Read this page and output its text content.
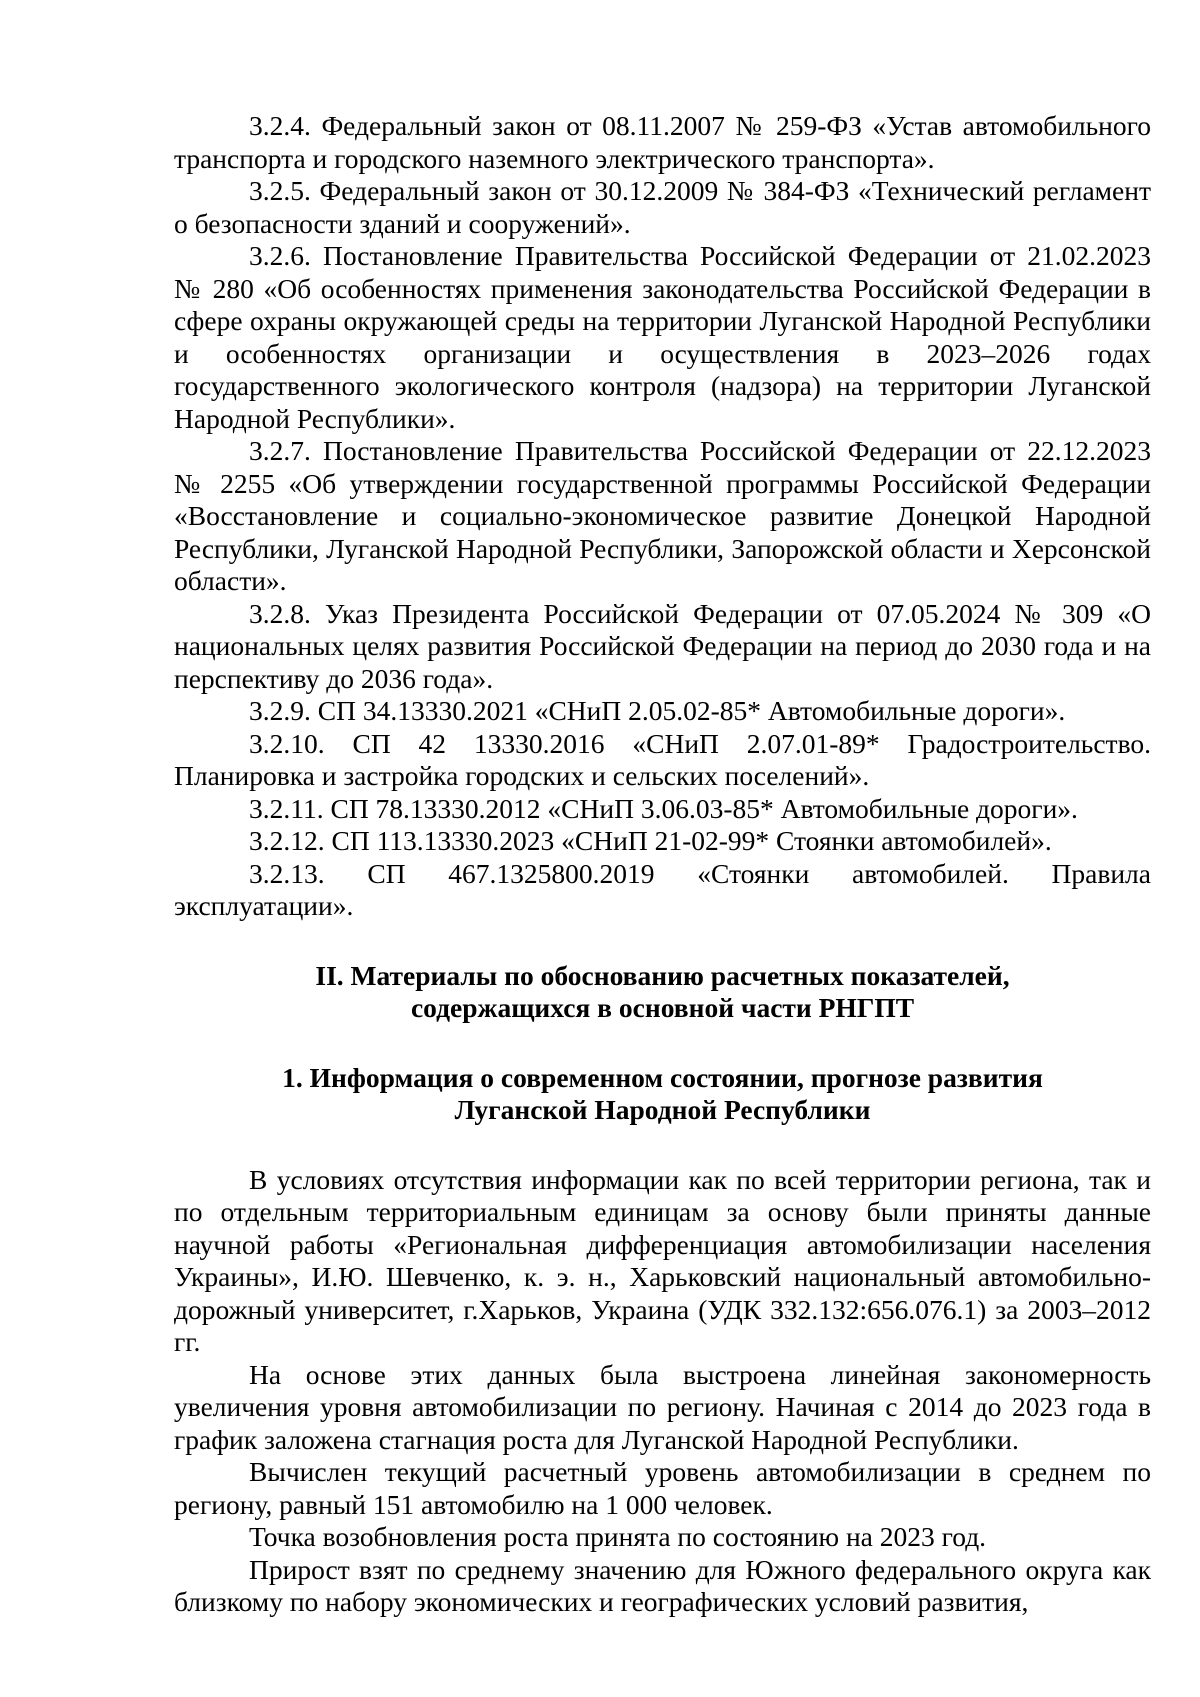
3.2.4. Федеральный закон от 08.11.2007 № 259-ФЗ «Устав автомобильного транспорта и городского наземного электрического транспорта».

3.2.5. Федеральный закон от 30.12.2009 № 384-ФЗ «Технический регламент о безопасности зданий и сооружений».

3.2.6. Постановление Правительства Российской Федерации от 21.02.2023 № 280 «Об особенностях применения законодательства Российской Федерации в сфере охраны окружающей среды на территории Луганской Народной Республики и особенностях организации и осуществления в 2023–2026 годах государственного экологического контроля (надзора) на территории Луганской Народной Республики».

3.2.7. Постановление Правительства Российской Федерации от 22.12.2023 № 2255 «Об утверждении государственной программы Российской Федерации «Восстановление и социально-экономическое развитие Донецкой Народной Республики, Луганской Народной Республики, Запорожской области и Херсонской области».

3.2.8. Указ Президента Российской Федерации от 07.05.2024 № 309 «О национальных целях развития Российской Федерации на период до 2030 года и на перспективу до 2036 года».

3.2.9. СП 34.13330.2021 «СНиП 2.05.02-85* Автомобильные дороги».

3.2.10. СП 42 13330.2016 «СНиП 2.07.01-89* Градостроительство. Планировка и застройка городских и сельских поселений».

3.2.11. СП 78.13330.2012 «СНиП 3.06.03-85* Автомобильные дороги».

3.2.12. СП 113.13330.2023 «СНиП 21-02-99* Стоянки автомобилей».

3.2.13. СП 467.1325800.2019 «Стоянки автомобилей. Правила эксплуатации».

II. Материалы по обоснованию расчетных показателей,
содержащихся в основной части РНГПТ
1. Информация о современном состоянии, прогнозе развития
Луганской Народной Республики

В условиях отсутствия информации как по всей территории региона, так и по отдельным территориальным единицам за основу были приняты данные научной работы «Региональная дифференциация автомобилизации населения Украины», И.Ю. Шевченко, к. э. н., Харьковский национальный автомобильно-дорожный университет, г.Харьков, Украина (УДК 332.132:656.076.1) за 2003–2012 гг.

На основе этих данных была выстроена линейная закономерность увеличения уровня автомобилизации по региону. Начиная с 2014 до 2023 года в график заложена стагнация роста для Луганской Народной Республики.

Вычислен текущий расчетный уровень автомобилизации в среднем по региону, равный 151 автомобилю на 1 000 человек.

Точка возобновления роста принята по состоянию на 2023 год.

Прирост взят по среднему значению для Южного федерального округа как близкому по набору экономических и географических условий развития,
